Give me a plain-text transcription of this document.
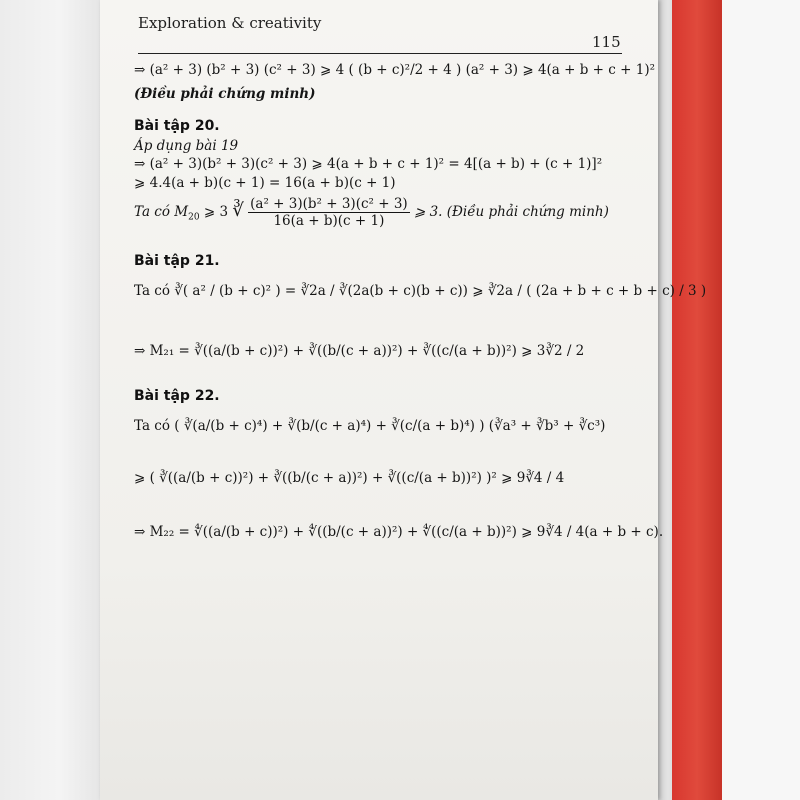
Exploration & creativity
115
⇒ (a² + 3) (b² + 3) (c² + 3) ⩾ 4 ( (b + c)²/2 + 4 ) (a² + 3) ⩾ 4(a + b + c + 1)²
(Điều phải chứng minh)
Bài tập 20.
Áp dụng bài 19
⇒ (a² + 3)(b² + 3)(c² + 3) ⩾ 4(a + b + c + 1)² = 4[(a + b) + (c + 1)]²
⩾ 4.4(a + b)(c + 1) = 16(a + b)(c + 1)
Ta có $M_{20}$ ⩾ 3 ∛ $\frac{\text{(a² + 3)(b² + 3)(c² + 3)}}{16(a + b)(c + 1)}$ ⩾ 3. (Điều phải chứng minh)
Bài tập 21.
Ta có ∛( a² / (b + c)² ) = ∛2a / ∛(2a(b + c)(b + c)) ⩾ ∛2a / ( (2a + b + c + b + c) / 3 )
⇒ M₂₁ = ∛((a/(b + c))²) + ∛((b/(c + a))²) + ∛((c/(a + b))²) ⩾ 3∛2 / 2
Bài tập 22.
Ta có ( ∛(a/(b + c)⁴) + ∛(b/(c + a)⁴) + ∛(c/(a + b)⁴) ) (∛a³ + ∛b³ + ∛c³)
⩾ ( ∛((a/(b + c))²) + ∛((b/(c + a))²) + ∛((c/(a + b))²) )² ⩾ 9∛4 / 4
⇒ M₂₂ = ∜((a/(b + c))²) + ∜((b/(c + a))²) + ∜((c/(a + b))²) ⩾ 9∛4 / 4(a + b + c).
